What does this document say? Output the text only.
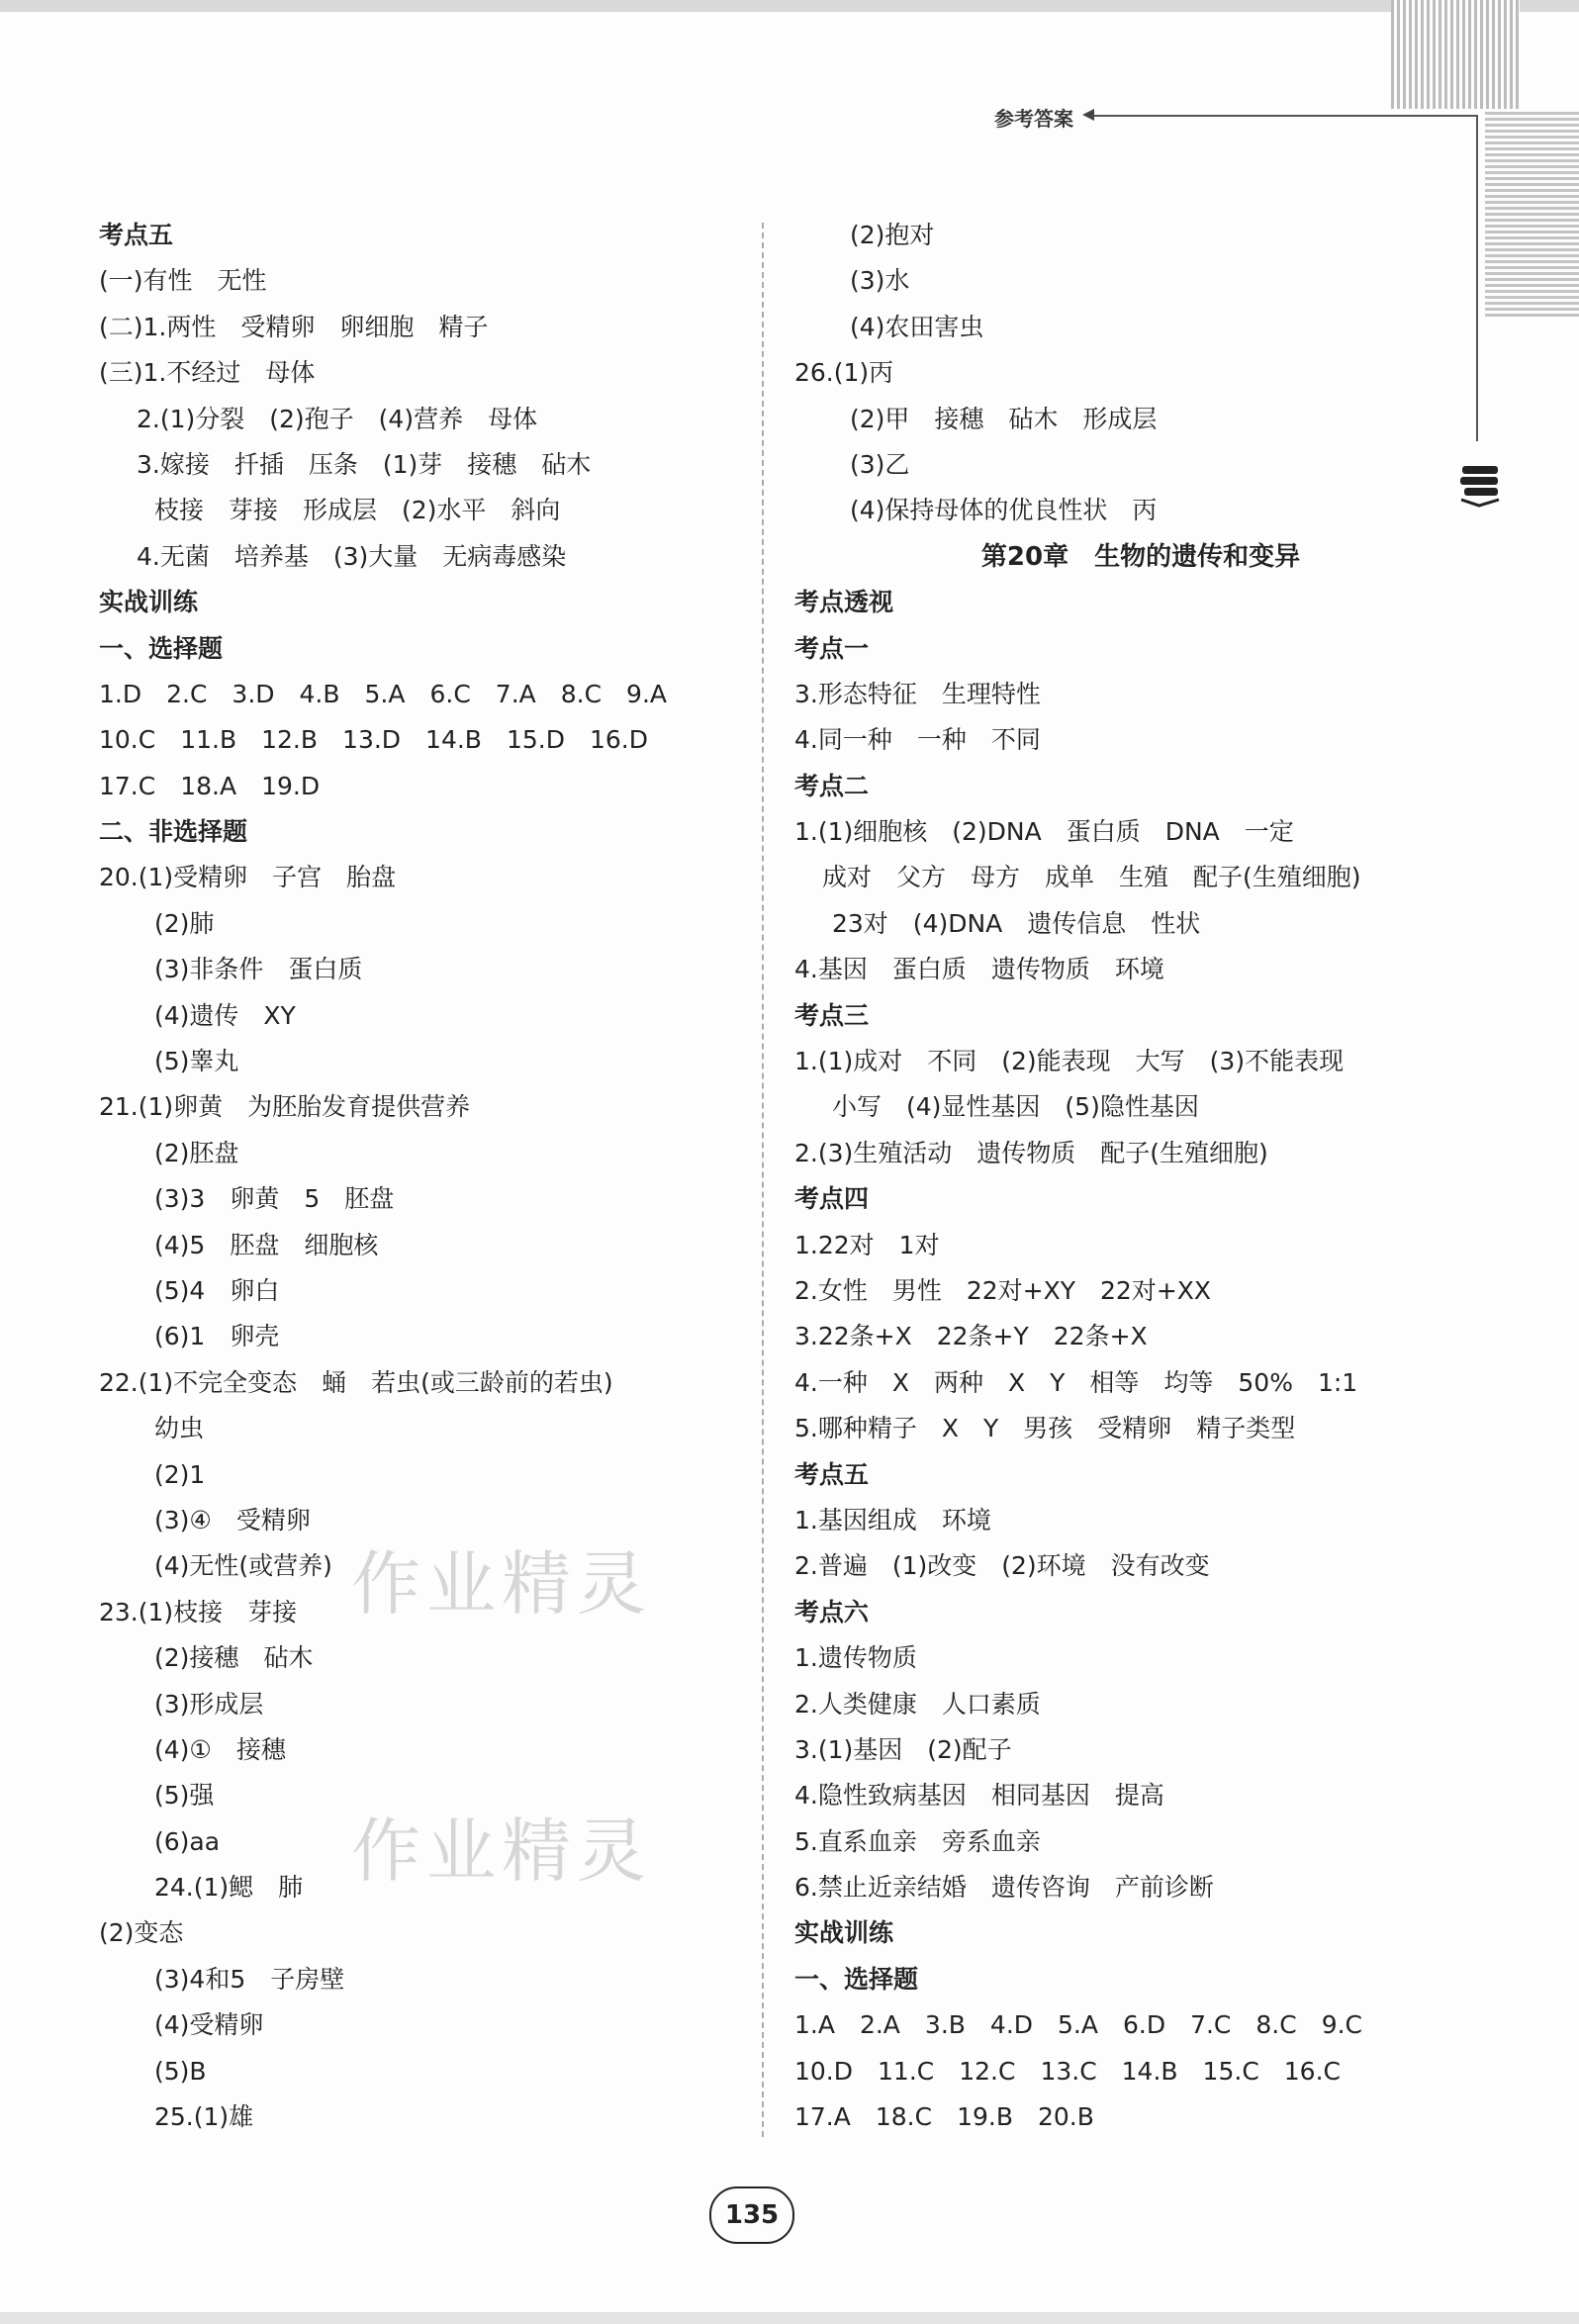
参考答案
考点五
(一)有性　无性
(二)1.两性　受精卵　卵细胞　精子
(三)1.不经过　母体
2.(1)分裂　(2)孢子　(4)营养　母体
3.嫁接　扦插　压条　(1)芽　接穗　砧木
枝接　芽接　形成层　(2)水平　斜向
4.无菌　培养基　(3)大量　无病毒感染
实战训练
一、选择题
1.D　2.C　3.D　4.B　5.A　6.C　7.A　8.C　9.A
10.C　11.B　12.B　13.D　14.B　15.D　16.D
17.C　18.A　19.D
二、非选择题
20.(1)受精卵　子宫　胎盘
(2)肺
(3)非条件　蛋白质
(4)遗传　XY
(5)睾丸
21.(1)卵黄　为胚胎发育提供营养
(2)胚盘
(3)3　卵黄　5　胚盘
(4)5　胚盘　细胞核
(5)4　卵白
(6)1　卵壳
22.(1)不完全变态　蛹　若虫(或三龄前的若虫)
幼虫
(2)1
(3)④　受精卵
(4)无性(或营养)
23.(1)枝接　芽接
(2)接穗　砧木
(3)形成层
(4)①　接穗
(5)强
(6)aa
24.(1)鳃　肺
(2)变态
(3)4和5　子房壁
(4)受精卵
(5)B
25.(1)雄
(2)抱对
(3)水
(4)农田害虫
26.(1)丙
(2)甲　接穗　砧木　形成层
(3)乙
(4)保持母体的优良性状　丙
第20章　生物的遗传和变异
考点透视
考点一
3.形态特征　生理特性
4.同一种　一种　不同
考点二
1.(1)细胞核　(2)DNA　蛋白质　DNA　一定
成对　父方　母方　成单　生殖　配子(生殖细胞)
23对　(4)DNA　遗传信息　性状
4.基因　蛋白质　遗传物质　环境
考点三
1.(1)成对　不同　(2)能表现　大写　(3)不能表现
小写　(4)显性基因　(5)隐性基因
2.(3)生殖活动　遗传物质　配子(生殖细胞)
考点四
1.22对　1对
2.女性　男性　22对+XY　22对+XX
3.22条+X　22条+Y　22条+X
4.一种　X　两种　X　Y　相等　均等　50%　1:1
5.哪种精子　X　Y　男孩　受精卵　精子类型
考点五
1.基因组成　环境
2.普遍　(1)改变　(2)环境　没有改变
考点六
1.遗传物质
2.人类健康　人口素质
3.(1)基因　(2)配子
4.隐性致病基因　相同基因　提高
5.直系血亲　旁系血亲
6.禁止近亲结婚　遗传咨询　产前诊断
实战训练
一、选择题
1.A　2.A　3.B　4.D　5.A　6.D　7.C　8.C　9.C
10.D　11.C　12.C　13.C　14.B　15.C　16.C
17.A　18.C　19.B　20.B
作业精灵
作业精灵
135
